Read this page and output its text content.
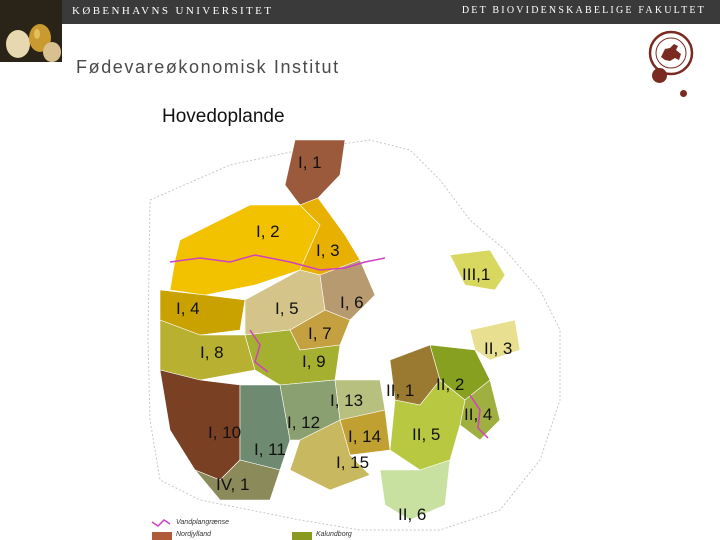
KØBENHAVNS UNIVERSITET	DET BIOVIDENSKABELIGE FAKULTET
Fødevareøkonomisk Institut
Hovedoplande
I, 1
I, 2
I, 3
III,1
I, 4	I, 5 I, 6
I, 7
I, 8	I, 9
I, 10
I, 11
I, 12
I, 13
I, 14
I, 15
IV, 1
II, 1 II, 2
II, 3
II, 4
II, 5
II, 6
Vandplangrænse
Nordjylland	Kalundborg
